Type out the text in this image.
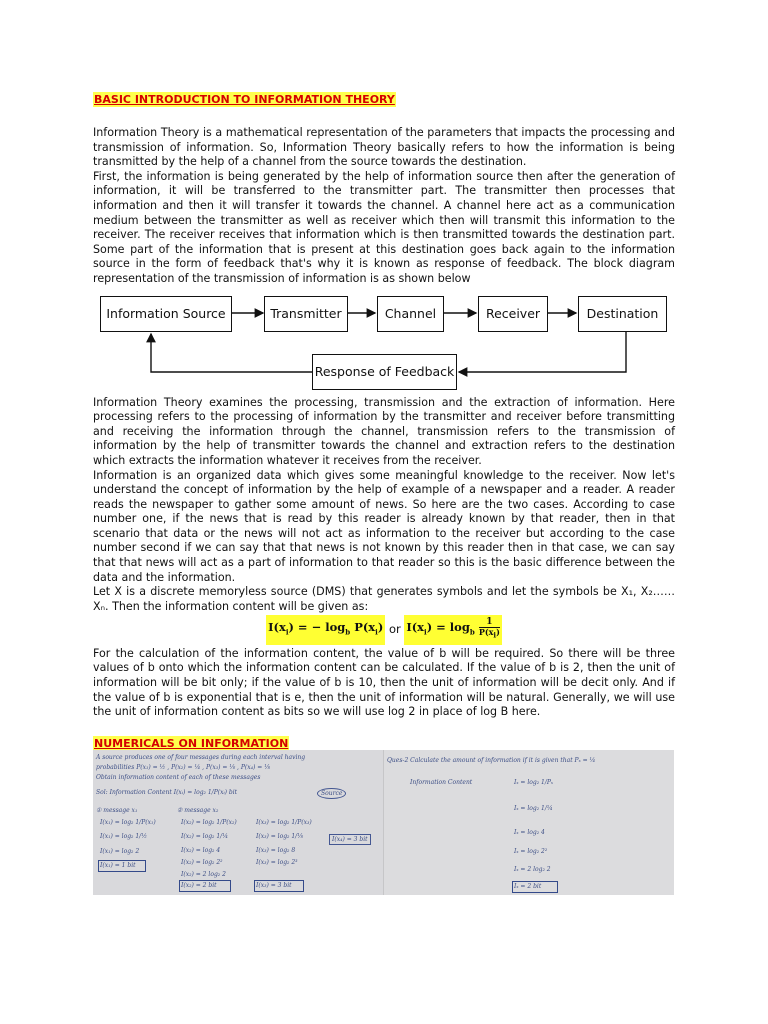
BASIC INTRODUCTION TO INFORMATION THEORY

Information Theory is a mathematical representation of the parameters that impacts the processing and transmission of information. So, Information Theory basically refers to how the information is being transmitted by the help of a channel from the source towards the destination.

First, the information is being generated by the help of information source then after the generation of information, it will be transferred to the transmitter part. The transmitter then processes that information and then it will transfer it towards the channel. A channel here act as a communication medium between the transmitter as well as receiver which then will transmit this information to the receiver. The receiver receives that information which is then transmitted towards the destination part. Some part of the information that is present at this destination goes back again to the information source in the form of feedback that's why it is known as response of feedback. The block diagram representation of the transmission of information is as shown below

Information Source	Transmitter	Channel	Receiver	Destination
Response of Feedback

Information Theory examines the processing, transmission and the extraction of information. Here processing refers to the processing of information by the transmitter and receiver before transmitting and receiving the information through the channel, transmission refers to the transmission of information by the help of transmitter towards the channel and extraction refers to the destination which extracts the information whatever it receives from the receiver.

Information is an organized data which gives some meaningful knowledge to the receiver. Now let's understand the concept of information by the help of example of a newspaper and a reader. A reader reads the newspaper to gather some amount of news. So here are the two cases. According to case number one, if the news that is read by this reader is already known by that reader, then in that scenario that data or the news will not act as information to the receiver but according to the case number second if we can say that that news is not known by this reader then in that case, we can say that that news will act as a part of information to that reader so this is the basic difference between the data and the information.

Let X is a discrete memoryless source (DMS) that generates symbols and let the symbols be X₁, X₂……Xₙ. Then the information content will be given as:

$I(x_i)$ = − $\log_b P(x_i)$ or $I(x_i) = \log_b \frac{1}{P(x_i)}$

For the calculation of the information content, the value of b will be required. So there will be three values of b onto which the information content can be calculated. If the value of b is 2, then the unit of information will be bit only; if the value of b is 10, then the unit of information will be decit only. And if the value of b is exponential that is e, then the unit of information will be natural. Generally, we will use the unit of information content as bits so we will use log 2 in place of log B here.

NUMERICALS ON INFORMATION
A source produces one of four messages during each interval having
probabilities P(x₁) = ½ , P(x₂) = ¼ , P(x₃) = ⅛ , P(x₄) = ⅛
Obtain information content of each of these messages
Sol: Information Content I(xᵢ) = log₂ 1/P(xᵢ) bit
① message x₁	② message x₂
I(x₁) = log₂ 1/P(x₁)	I(x₂) = log₂ 1/P(x₂)
I(x₁) = log₂ 1/½	I(x₂) = log₂ 1/¼
I(x₁) = log₂ 2	I(x₂) = log₂ 4
I(x₁) = 1 bit	I(x₂) = log₂ 2²
I(x₂) = 2 log₂ 2
I(x₂) = 2 bit
I(x₃) = log₂ 1/P(x₃)
I(x₃) = log₂ 1/⅛
I(x₃) = log₂ 8
I(x₃) = log₂ 2³
I(x₃) = 3 bit
Source
I(x₄) = 3 bit
Ques-2 Calculate the amount of information if it is given that Pₓ = ¼
Information Content	Iₓ = log₂ 1/Pₓ
Iₓ = log₂ 1/¼
Iₓ = log₂ 4
Iₓ = log₂ 2²
Iₓ = 2 log₂ 2
Iₓ = 2 bit
